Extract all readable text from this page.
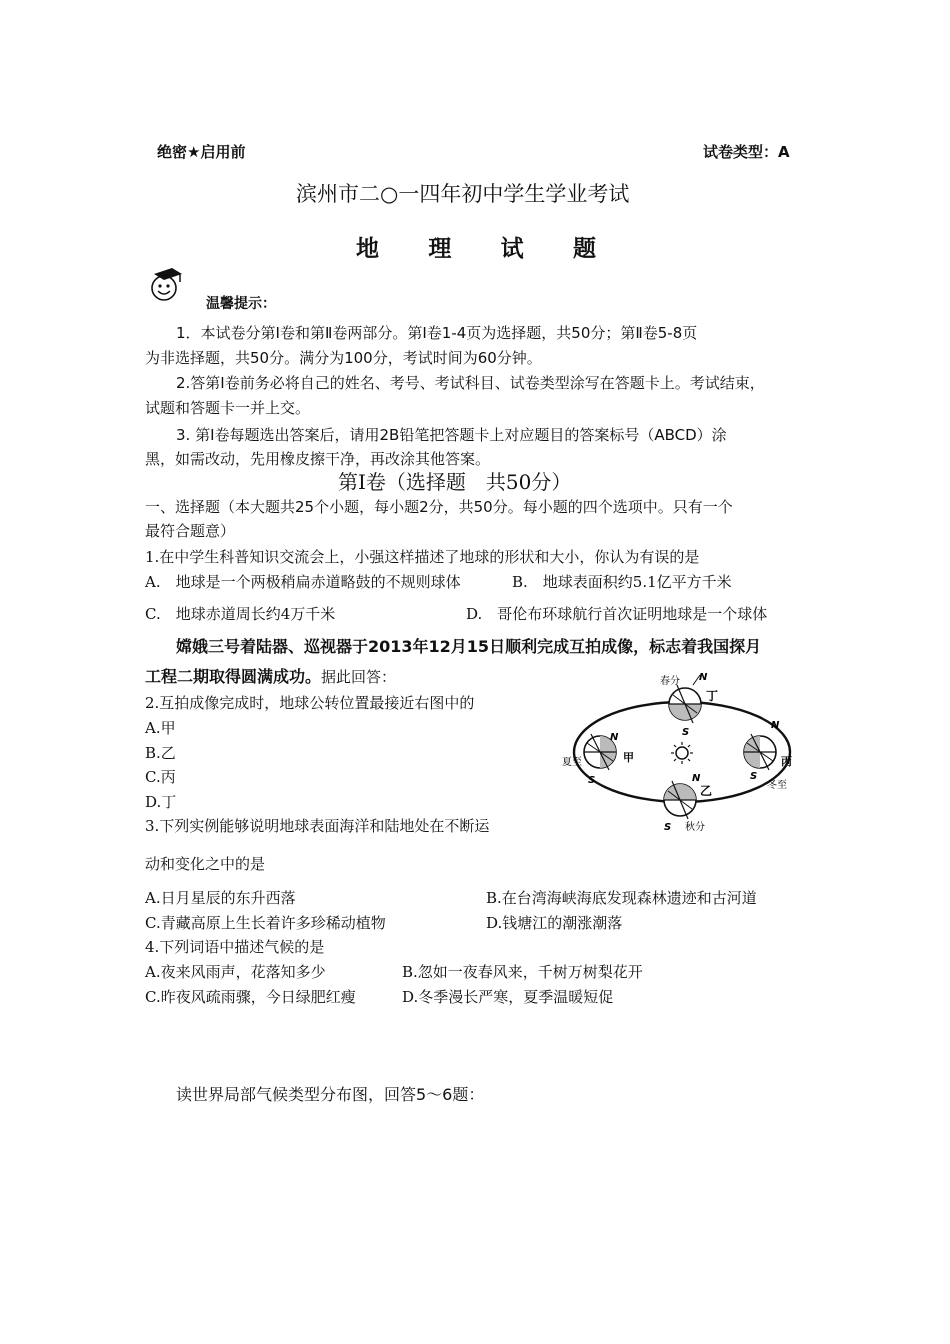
绝密★启用前	试卷类型：A
滨州市二○一四年初中学生学业考试
地 理 试 题
温馨提示：
1．本试卷分第Ⅰ卷和第Ⅱ卷两部分。第Ⅰ卷1-4页为选择题，共50分；第Ⅱ卷5-8页
为非选择题，共50分。满分为100分，考试时间为60分钟。
2.答第Ⅰ卷前务必将自己的姓名、考号、考试科目、试卷类型涂写在答题卡上。考试结束，
试题和答题卡一并上交。
3. 第Ⅰ卷每题选出答案后，请用2B铅笔把答题卡上对应题目的答案标号（ABCD）涂
黑，如需改动，先用橡皮擦干净，再改涂其他答案。
第Ⅰ卷（选择题　共50分）
一、选择题（本大题共25个小题，每小题2分，共50分。每小题的四个选项中。只有一个
最符合题意）
1.在中学生科普知识交流会上，小强这样描述了地球的形状和大小，你认为有误的是
A.　地球是一个两极稍扁赤道略鼓的不规则球体	B.　地球表面积约5.1亿平方千米
C.　地球赤道周长约4万千米	D.　哥伦布环球航行首次证明地球是一个球体
嫦娥三号着陆器、巡视器于2013年12月15日顺利完成互拍成像，标志着我国探月
工程二期取得圆满成功。据此回答：
2.互拍成像完成时，地球公转位置最接近右图中的
A.甲
B.乙
C.丙
D.丁
3.下列实例能够说明地球表面海洋和陆地处在不断运
动和变化之中的是
A.日月星辰的东升西落	B.在台湾海峡海底发现森林遗迹和古河道
C.青藏高原上生长着许多珍稀动植物	D.钱塘江的潮涨潮落
4.下列词语中描述气候的是
A.夜来风雨声，花落知多少	B.忽如一夜春风来，千树万树梨花开
C.昨夜风疏雨骤，今日绿肥红瘦	D.冬季漫长严寒，夏季温暖短促
读世界局部气候类型分布图，回答5～6题：
春分 N
丁
S
夏至
N
甲
S
N
丙
冬至
S
N
乙
S 秋分
